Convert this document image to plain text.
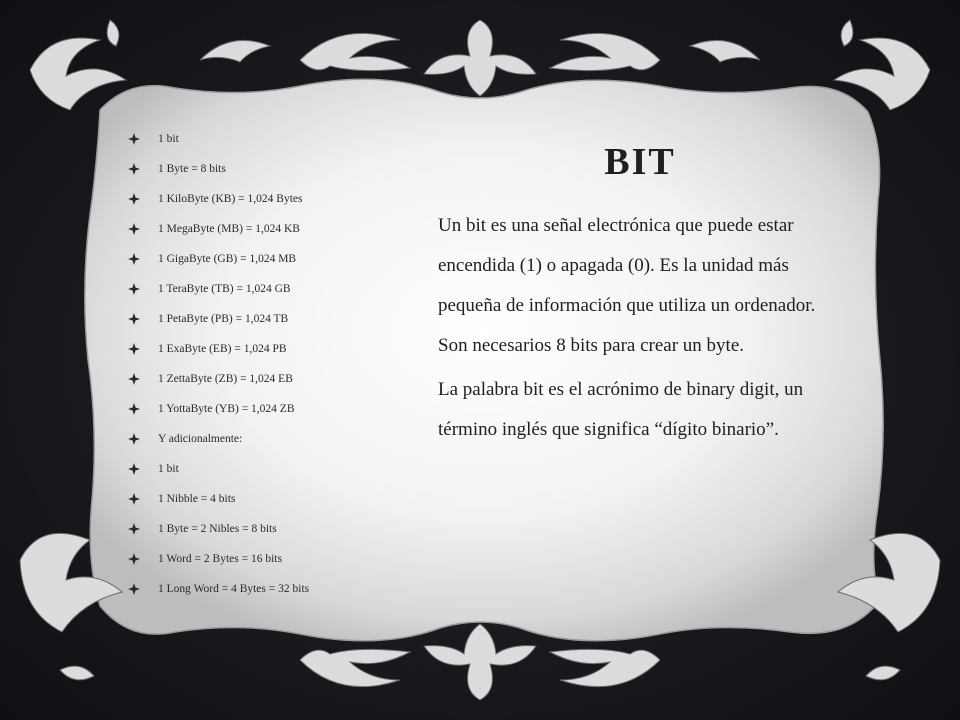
1 bit
1 Byte = 8 bits
1 KiloByte (KB) = 1,024 Bytes
1 MegaByte (MB) = 1,024 KB
1 GigaByte (GB) = 1,024 MB
1 TeraByte (TB) = 1,024 GB
1 PetaByte (PB) = 1,024 TB
1 ExaByte (EB) = 1,024 PB
1 ZettaByte (ZB) = 1,024 EB
1 YottaByte (YB) = 1,024 ZB
Y adicionalmente:
1 bit
1 Nibble = 4 bits
1 Byte = 2 Nibles = 8 bits
1 Word = 2 Bytes = 16 bits
1 Long Word = 4 Bytes = 32 bits
BIT

Un bit es una señal electrónica que puede estar encendida (1) o apagada (0). Es la unidad más pequeña de información que utiliza un ordenador. Son necesarios 8 bits para crear un byte.

La palabra bit es el acrónimo de binary digit, un término inglés que significa “dígito binario”.
